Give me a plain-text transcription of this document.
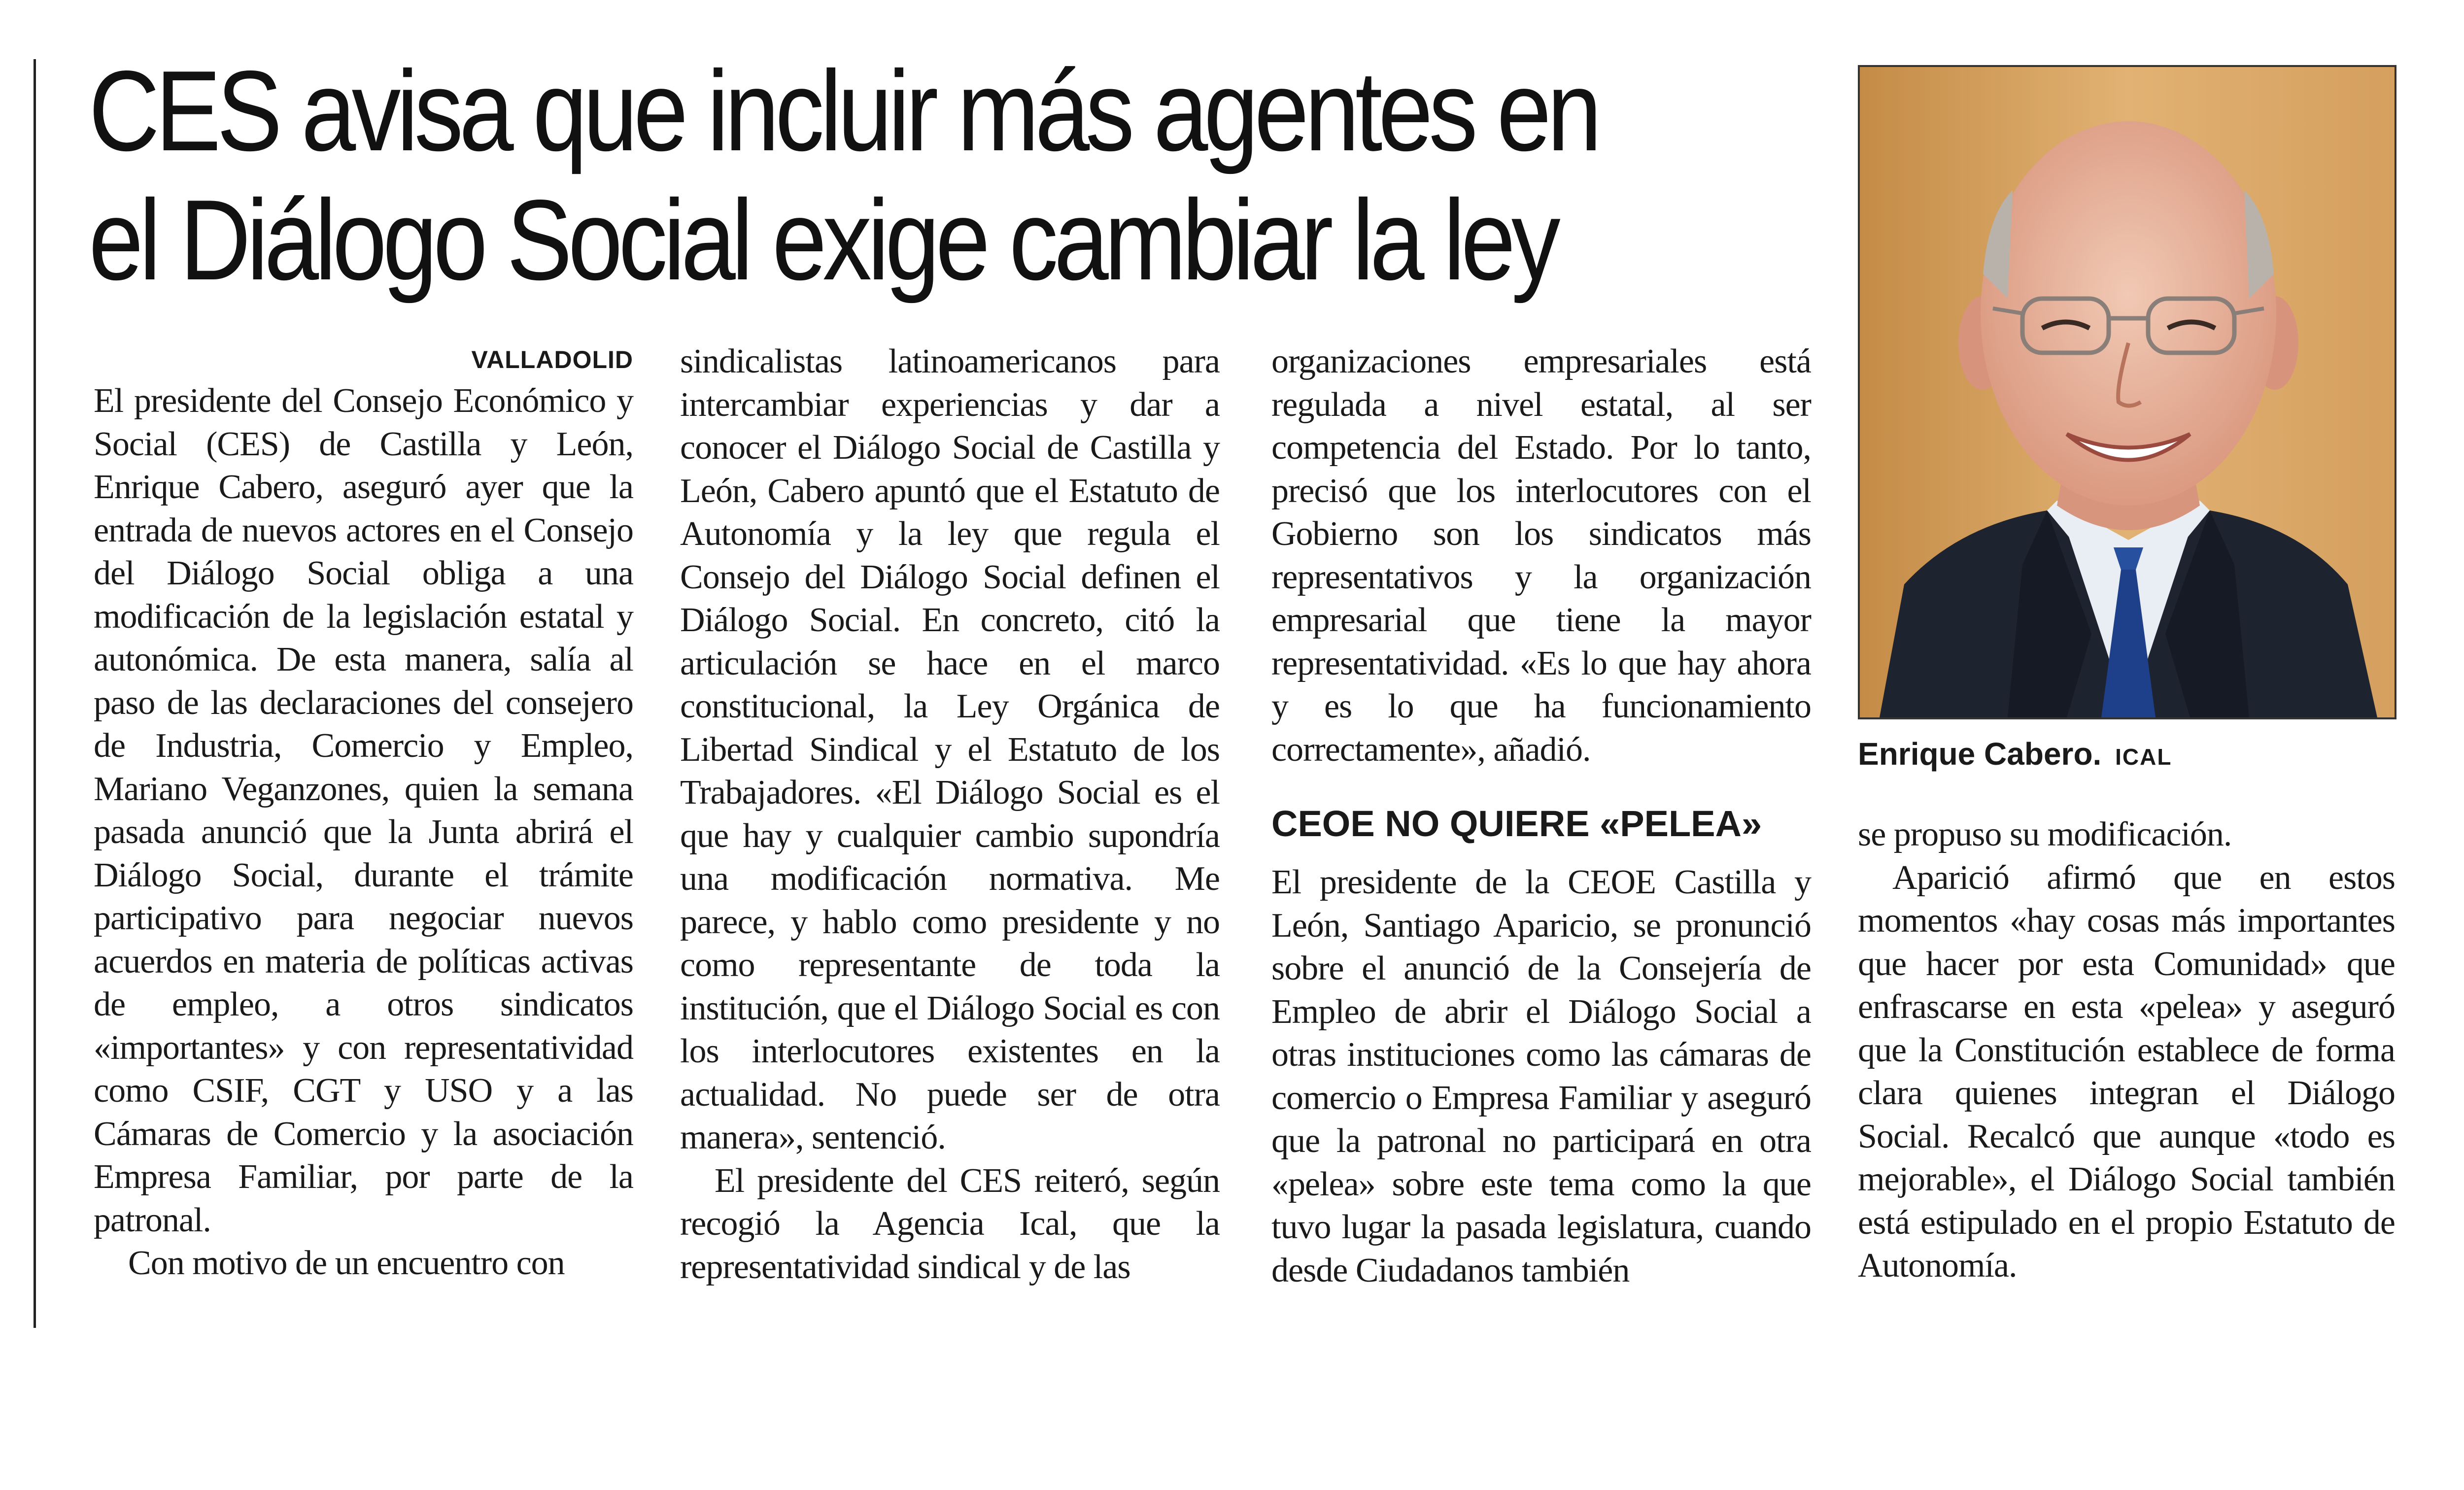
CES avisa que incluir más agentes en
el Diálogo Social exige cambiar la ley
VALLADOLID

El presidente del Consejo Económico y Social (CES) de Castilla y León, Enrique Cabero, aseguró ayer que la entrada de nuevos actores en el Consejo del Diálogo Social obliga a una modificación de la legislación estatal y autonómica. De esta manera, salía al paso de las declaraciones del consejero de Industria, Comercio y Empleo, Mariano Veganzones, quien la semana pasada anunció que la Junta abrirá el Diálogo Social, durante el trámite participativo para negociar nuevos acuerdos en materia de políticas activas de empleo, a otros sindicatos «importantes» y con representatividad como CSIF, CGT y USO y a las Cámaras de Comercio y la asociación Empresa Familiar, por parte de la patronal.

Con motivo de un encuentro con

sindicalistas latinoamericanos para intercambiar experiencias y dar a conocer el Diálogo Social de Castilla y León, Cabero apuntó que el Estatuto de Autonomía y la ley que regula el Consejo del Diálogo Social definen el Diálogo Social. En concreto, citó la articulación se hace en el marco constitucional, la Ley Orgánica de Libertad Sindical y el Estatuto de los Trabajadores. «El Diálogo Social es el que hay y cualquier cambio supondría una modificación normativa. Me parece, y hablo como presidente y no como representante de toda la institución, que el Diálogo Social es con los interlocutores existentes en la actualidad. No puede ser de otra manera», sentenció.

El presidente del CES reiteró, según recogió la Agencia Ical, que la representatividad sindical y de las

organizaciones empresariales está regulada a nivel estatal, al ser competencia del Estado. Por lo tanto, precisó que los interlocutores con el Gobierno son los sindicatos más representativos y la organización empresarial que tiene la mayor representatividad. «Es lo que hay ahora y es lo que ha funcionamiento correctamente», añadió.

CEOE NO QUIERE «PELEA»

El presidente de la CEOE Castilla y León, Santiago Aparicio, se pronunció sobre el anunció de la Consejería de Empleo de abrir el Diálogo Social a otras instituciones como las cámaras de comercio o Empresa Familiar y aseguró que la patronal no participará en otra «pelea» sobre este tema como la que tuvo lugar la pasada legislatura, cuando desde Ciudadanos también

Enrique Cabero. ICAL

se propuso su modificación.

Aparició afirmó que en estos momentos «hay cosas más importantes que hacer por esta Comunidad» que enfrascarse en esta «pelea» y aseguró que la Constitución establece de forma clara quienes integran el Diálogo Social. Recalcó que aunque «todo es mejorable», el Diálogo Social también está estipulado en el propio Estatuto de Autonomía.
